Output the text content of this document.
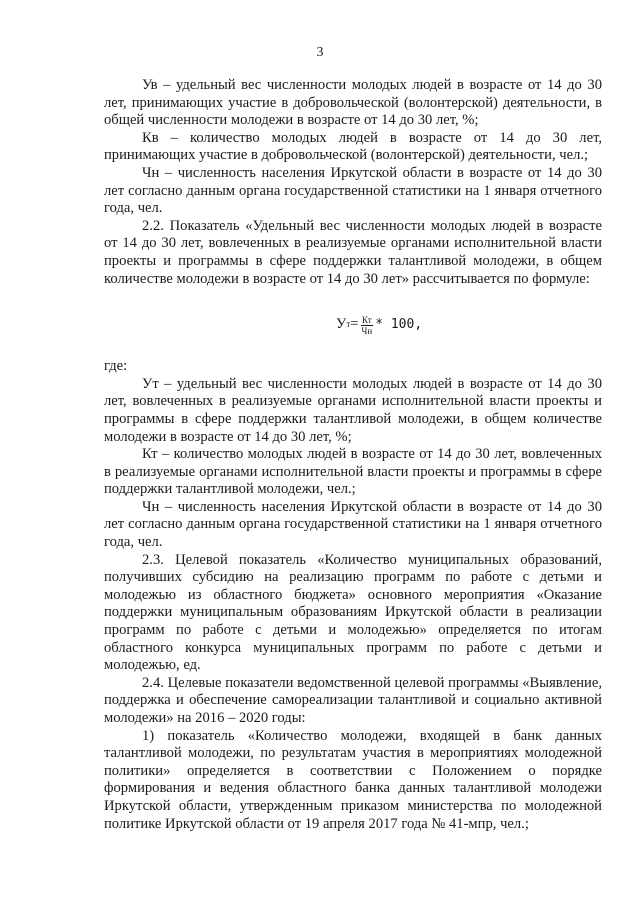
3

Ув – удельный вес численности молодых людей в возрасте от 14 до 30 лет, принимающих участие в добровольческой (волонтерской) деятельности, в общей численности молодежи в возрасте от 14 до 30 лет, %;

Кв – количество молодых людей в возрасте от 14 до 30 лет, принимающих участие в добровольческой (волонтерской) деятельности, чел.;

Чн – численность населения Иркутской области в возрасте от 14 до 30 лет согласно данным органа государственной статистики на 1 января отчетного года, чел.

2.2. Показатель «Удельный вес численности молодых людей в возрасте от 14 до 30 лет, вовлеченных в реализуемые органами исполнительной власти проекты и программы в сфере поддержки талантливой молодежи, в общем количестве молодежи в возрасте от 14 до 30 лет» рассчитывается по формуле:

У $т = \frac{Кт}{Чн} * 100$,

где:

Ут – удельный вес численности молодых людей в возрасте от 14 до 30 лет, вовлеченных в реализуемые органами исполнительной власти проекты и программы в сфере поддержки талантливой молодежи, в общем количестве молодежи в возрасте от 14 до 30 лет, %;

Кт – количество молодых людей в возрасте от 14 до 30 лет, вовлеченных в реализуемые органами исполнительной власти проекты и программы в сфере поддержки талантливой молодежи, чел.;

Чн – численность населения Иркутской области в возрасте от 14 до 30 лет согласно данным органа государственной статистики на 1 января отчетного года, чел.

2.3. Целевой показатель «Количество муниципальных образований, получивших субсидию на реализацию программ по работе с детьми и молодежью из областного бюджета» основного мероприятия «Оказание поддержки муниципальным образованиям Иркутской области в реализации программ по работе с детьми и молодежью» определяется по итогам областного конкурса муниципальных программ по работе с детьми и молодежью, ед.

2.4. Целевые показатели ведомственной целевой программы «Выявление, поддержка и обеспечение самореализации талантливой и социально активной молодежи» на 2016 – 2020 годы:

1) показатель «Количество молодежи, входящей в банк данных талантливой молодежи, по результатам участия в мероприятиях молодежной политики» определяется в соответствии с Положением о порядке формирования и ведения областного банка данных талантливой молодежи Иркутской области, утвержденным приказом министерства по молодежной политике Иркутской области от 19 апреля 2017 года № 41-мпр, чел.;
